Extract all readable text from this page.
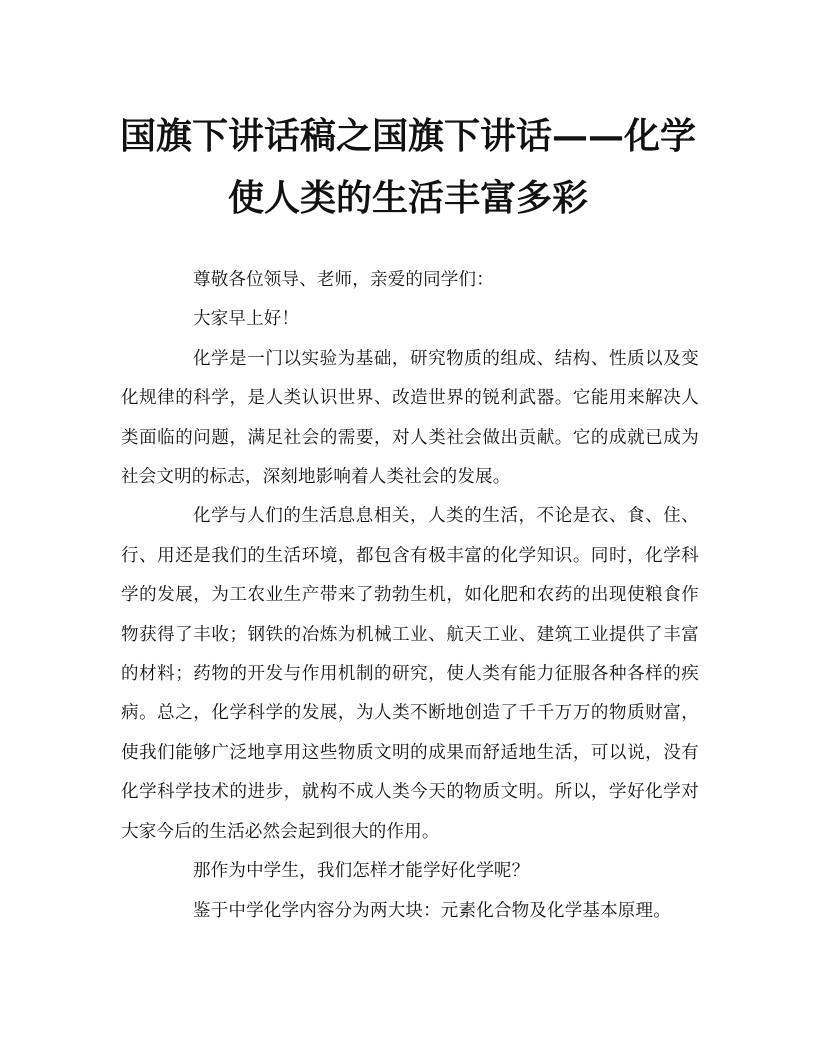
国旗下讲话稿之国旗下讲话——化学
使人类的生活丰富多彩

尊敬各位领导、老师，亲爱的同学们：

大家早上好！

化学是一门以实验为基础，研究物质的组成、结构、性质以及变化规律的科学，是人类认识世界、改造世界的锐利武器。它能用来解决人类面临的问题，满足社会的需要，对人类社会做出贡献。它的成就已成为社会文明的标志，深刻地影响着人类社会的发展。

化学与人们的生活息息相关，人类的生活，不论是衣、食、住、行、用还是我们的生活环境，都包含有极丰富的化学知识。同时，化学科学的发展，为工农业生产带来了勃勃生机，如化肥和农药的出现使粮食作物获得了丰收；钢铁的冶炼为机械工业、航天工业、建筑工业提供了丰富的材料；药物的开发与作用机制的研究，使人类有能力征服各种各样的疾病。总之，化学科学的发展，为人类不断地创造了千千万万的物质财富，使我们能够广泛地享用这些物质文明的成果而舒适地生活，可以说，没有化学科学技术的进步，就构不成人类今天的物质文明。所以，学好化学对大家今后的生活必然会起到很大的作用。

那作为中学生，我们怎样才能学好化学呢？

鉴于中学化学内容分为两大块：元素化合物及化学基本原理。
